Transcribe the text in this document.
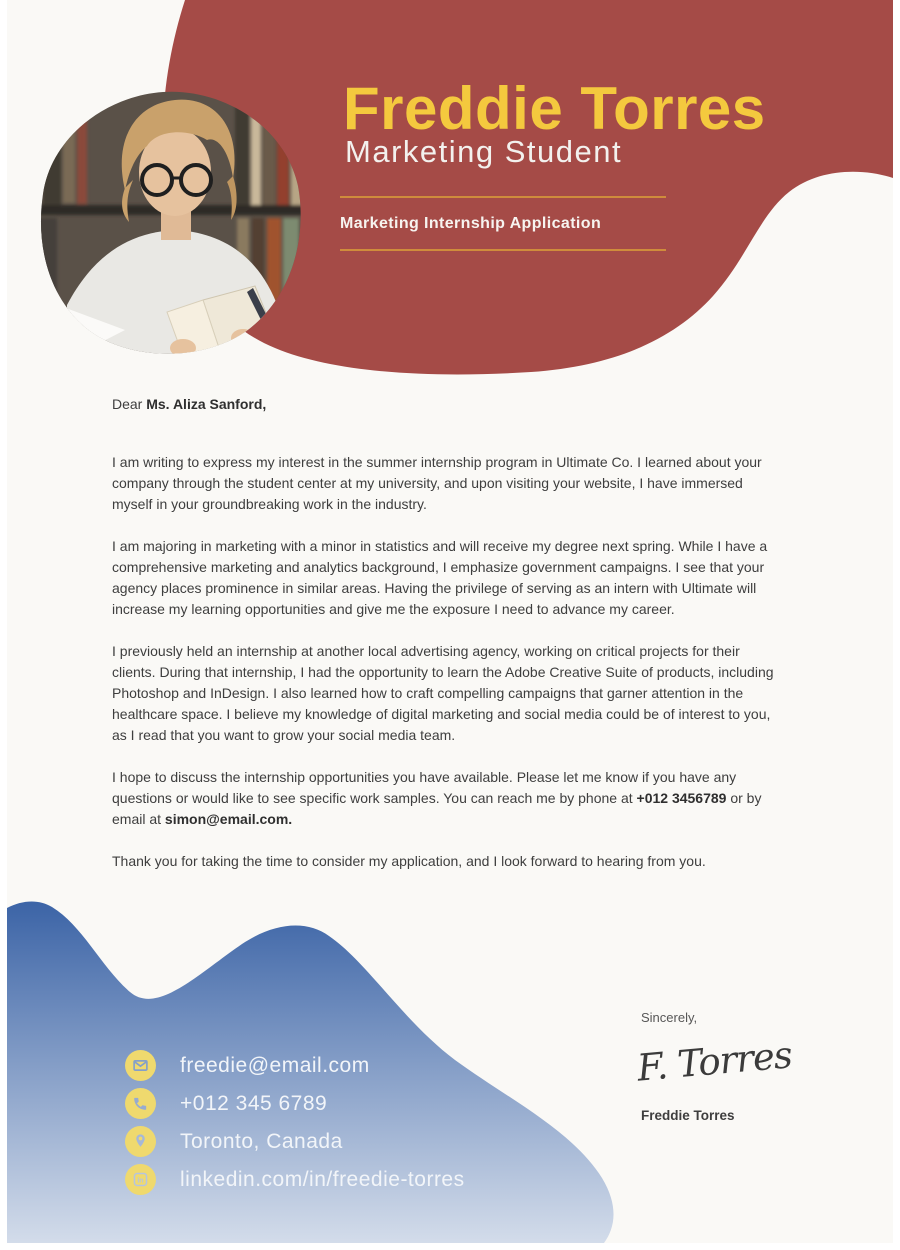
Freddie Torres
Marketing Student
Marketing Internship Application

Dear Ms. Aliza Sanford,

I am writing to express my interest in the summer internship program in Ultimate Co. I learned about your company through the student center at my university, and upon visiting your website, I have immersed myself in your groundbreaking work in the industry.

I am majoring in marketing with a minor in statistics and will receive my degree next spring. While I have a comprehensive marketing and analytics background, I emphasize government campaigns. I see that your agency places prominence in similar areas. Having the privilege of serving as an intern with Ultimate will increase my learning opportunities and give me the exposure I need to advance my career.

I previously held an internship at another local advertising agency, working on critical projects for their clients. During that internship, I had the opportunity to learn the Adobe Creative Suite of products, including Photoshop and InDesign. I also learned how to craft compelling campaigns that garner attention in the healthcare space. I believe my knowledge of digital marketing and social media could be of interest to you, as I read that you want to grow your social media team.

I hope to discuss the internship opportunities you have available. Please let me know if you have any questions or would like to see specific work samples. You can reach me by phone at +012 3456789 or by email at simon@email.com.

Thank you for taking the time to consider my application, and I look forward to hearing from you.

freedie@email.com
+012 345 6789
Toronto, Canada
in linkedin.com/in/freedie-torres
Sincerely,
F. Torres
Freddie Torres
